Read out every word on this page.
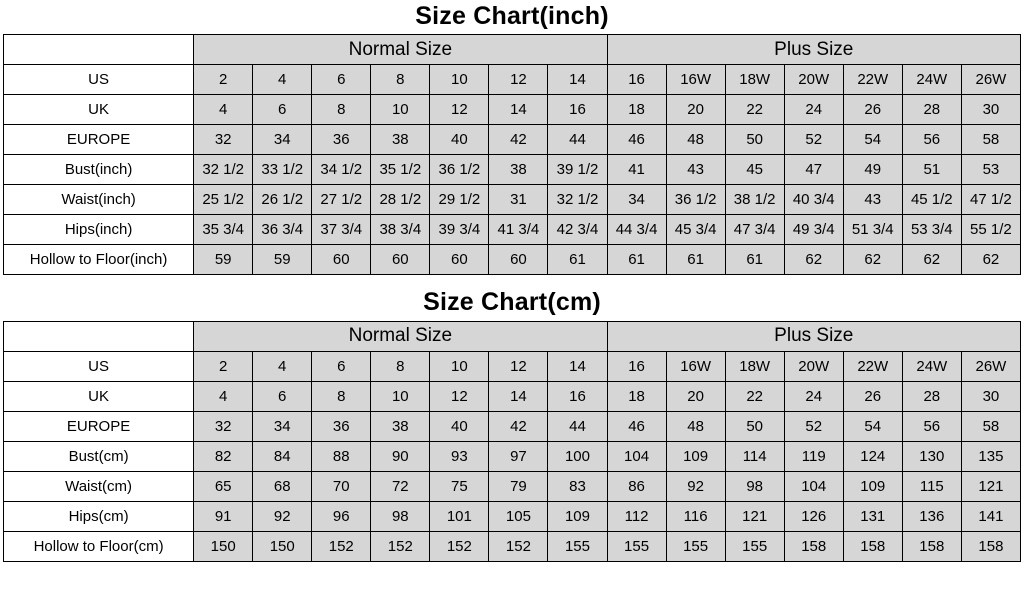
Size Chart(inch)
	Normal Size							Plus Size						
US	2	4	6	8	10	12	14	16	16W	18W	20W	22W	24W	26W
UK	4	6	8	10	12	14	16	18	20	22	24	26	28	30
EUROPE	32	34	36	38	40	42	44	46	48	50	52	54	56	58
Bust(inch)	32 1/2	33 1/2	34 1/2	35 1/2	36 1/2	38	39 1/2	41	43	45	47	49	51	53
Waist(inch)	25 1/2	26 1/2	27 1/2	28 1/2	29 1/2	31	32 1/2	34	36 1/2	38 1/2	40 3/4	43	45 1/2	47 1/2
Hips(inch)	35 3/4	36 3/4	37 3/4	38 3/4	39 3/4	41 3/4	42 3/4	44 3/4	45 3/4	47 3/4	49 3/4	51 3/4	53 3/4	55 1/2
Hollow to Floor(inch)	59	59	60	60	60	60	61	61	61	61	62	62	62	62
Size Chart(cm)
	Normal Size							Plus Size						
US	2	4	6	8	10	12	14	16	16W	18W	20W	22W	24W	26W
UK	4	6	8	10	12	14	16	18	20	22	24	26	28	30
EUROPE	32	34	36	38	40	42	44	46	48	50	52	54	56	58
Bust(cm)	82	84	88	90	93	97	100	104	109	114	119	124	130	135
Waist(cm)	65	68	70	72	75	79	83	86	92	98	104	109	115	121
Hips(cm)	91	92	96	98	101	105	109	112	116	121	126	131	136	141
Hollow to Floor(cm)	150	150	152	152	152	152	155	155	155	155	158	158	158	158
